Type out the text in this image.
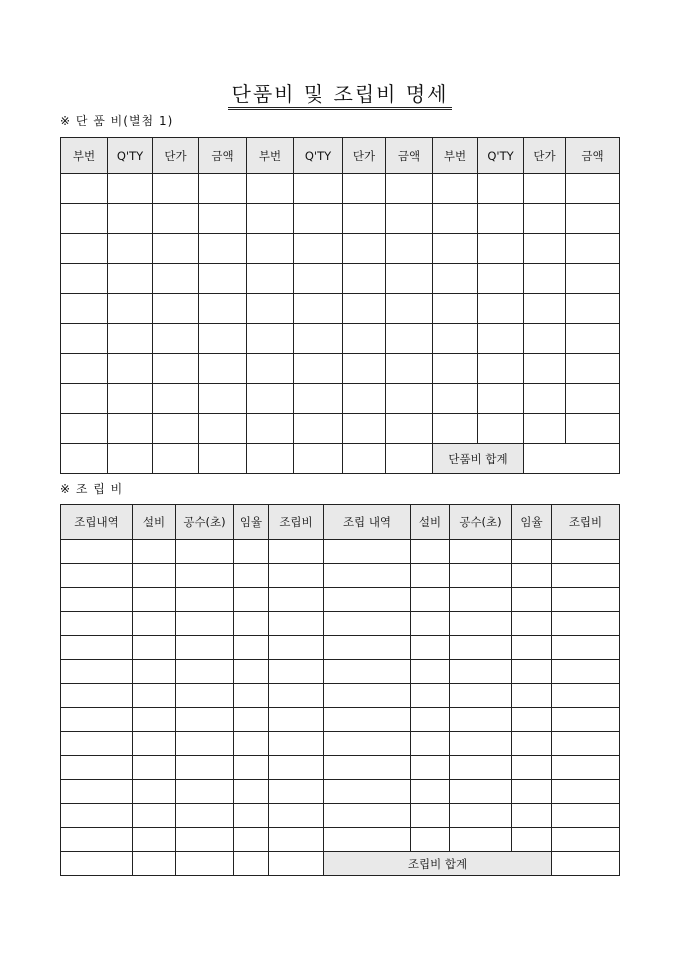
단품비 및 조립비 명세
※ 단 품 비(별첨 1)
부번	Q'TY	단가	금액	부번	Q'TY	단가	금액	부번	Q'TY	단가	금액

								단품비 합계			
※ 조 립 비
조립내역	설비	공수(초)	임율	조립비	조립 내역	설비	공수(초)	임율	조립비

					조립비 합계				
